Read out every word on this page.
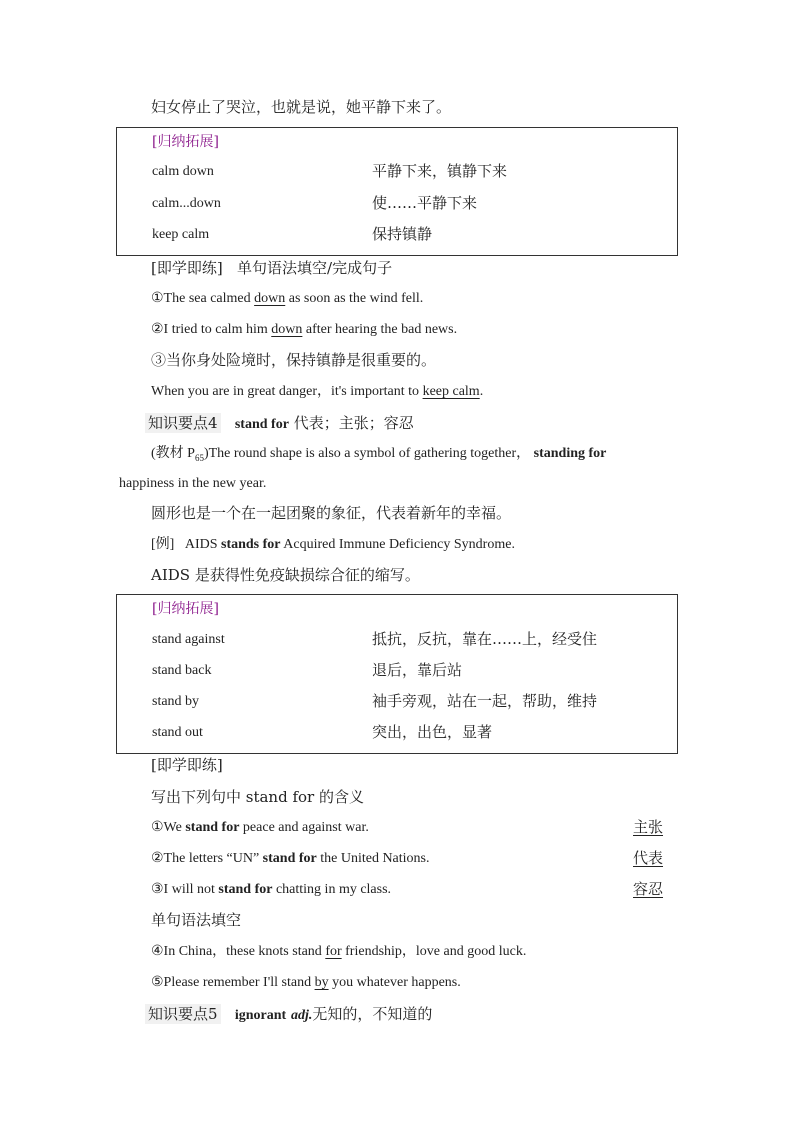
妇女停止了哭泣，也就是说，她平静下来了。
[归纳拓展]
calm down	平静下来，镇静下来
calm...down	使……平静下来
keep calm	保持镇静
[即学即练] 单句语法填空/完成句子
①The sea calmed down as soon as the wind fell.
②I tried to calm him down after hearing the bad news.
③当你身处险境时，保持镇静是很重要的。
When you are in great danger，it's important to keep calm.
知识要点4 stand for 代表；主张；容忍
(教材 $P_{65})The$ round shape is also a symbol of gathering together， standing for
happiness in the new year.
圆形也是一个在一起团聚的象征，代表着新年的幸福。
[例] AIDS stands for Acquired Immune Deficiency Syndrome.
AIDS 是获得性免疫缺损综合征的缩写。
[归纳拓展]
stand against	抵抗，反抗，靠在……上，经受住
stand back	退后，靠后站
stand by	袖手旁观，站在一起，帮助，维持
stand out	突出，出色，显著
[即学即练]
写出下列句中 stand for 的含义
①We stand for peace and against war.	主张
②The letters “UN” stand for the United Nations.	代表
③I will not stand for chatting in my class.	容忍
单句语法填空
④In China，these knots stand for friendship，love and good luck.
⑤Please remember I'll stand by you whatever happens.
知识要点5 ignorant adj.无知的，不知道的
